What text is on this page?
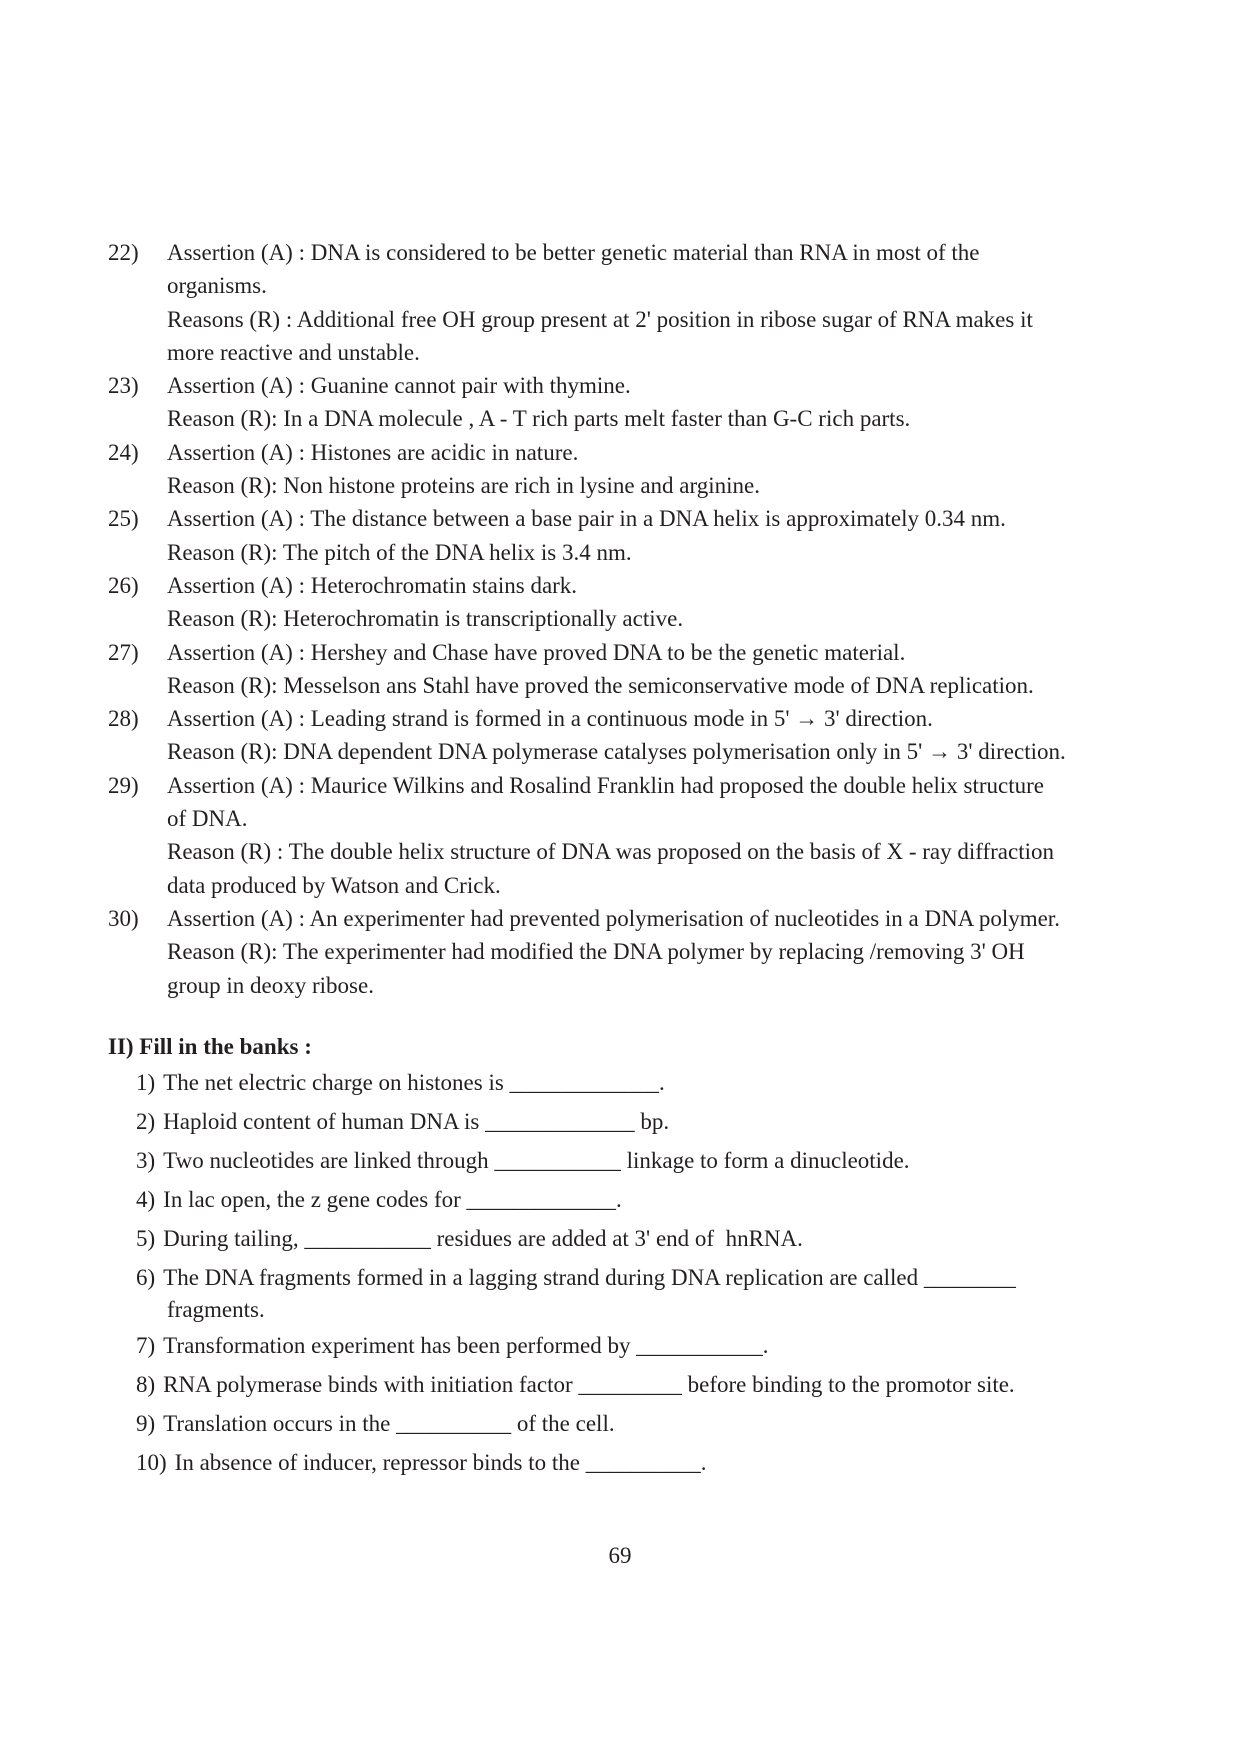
22)	Assertion (A) : DNA is considered to be better genetic material than RNA in most of the
organisms.
Reasons (R) : Additional free OH group present at 2' position in ribose sugar of RNA makes it
more reactive and unstable.
23)	Assertion (A) : Guanine cannot pair with thymine.
Reason (R): In a DNA molecule , A - T rich parts melt faster than G-C rich parts.
24)	Assertion (A) : Histones are acidic in nature.
Reason (R): Non histone proteins are rich in lysine and arginine.
25)	Assertion (A) : The distance between a base pair in a DNA helix is approximately 0.34 nm.
Reason (R): The pitch of the DNA helix is 3.4 nm.
26)	Assertion (A) : Heterochromatin stains dark.
Reason (R): Heterochromatin is transcriptionally active.
27)	Assertion (A) : Hershey and Chase have proved DNA to be the genetic material.
Reason (R): Messelson ans Stahl have proved the semiconservative mode of DNA replication.
28)	Assertion (A) : Leading strand is formed in a continuous mode in 5' → 3' direction.
Reason (R): DNA dependent DNA polymerase catalyses polymerisation only in 5' → 3' direction.
29)	Assertion (A) : Maurice Wilkins and Rosalind Franklin had proposed the double helix structure
of DNA.
Reason (R) : The double helix structure of DNA was proposed on the basis of X - ray diffraction
data produced by Watson and Crick.
30)	Assertion (A) : An experimenter had prevented polymerisation of nucleotides in a DNA polymer.
Reason (R): The experimenter had modified the DNA polymer by replacing /removing 3' OH
group in deoxy ribose.
II) Fill in the banks :
1) The net electric charge on histones is _____________.
2) Haploid content of human DNA is _____________ bp.
3) Two nucleotides are linked through ___________ linkage to form a dinucleotide.
4) In lac open, the z gene codes for _____________.
5) During tailing, ___________ residues are added at 3' end of  hnRNA.
6) The DNA fragments formed in a lagging strand during DNA replication are called ________
fragments.
7) Transformation experiment has been performed by ___________.
8) RNA polymerase binds with initiation factor _________ before binding to the promotor site.
9) Translation occurs in the __________ of the cell.
10) In absence of inducer, repressor binds to the __________.
69
